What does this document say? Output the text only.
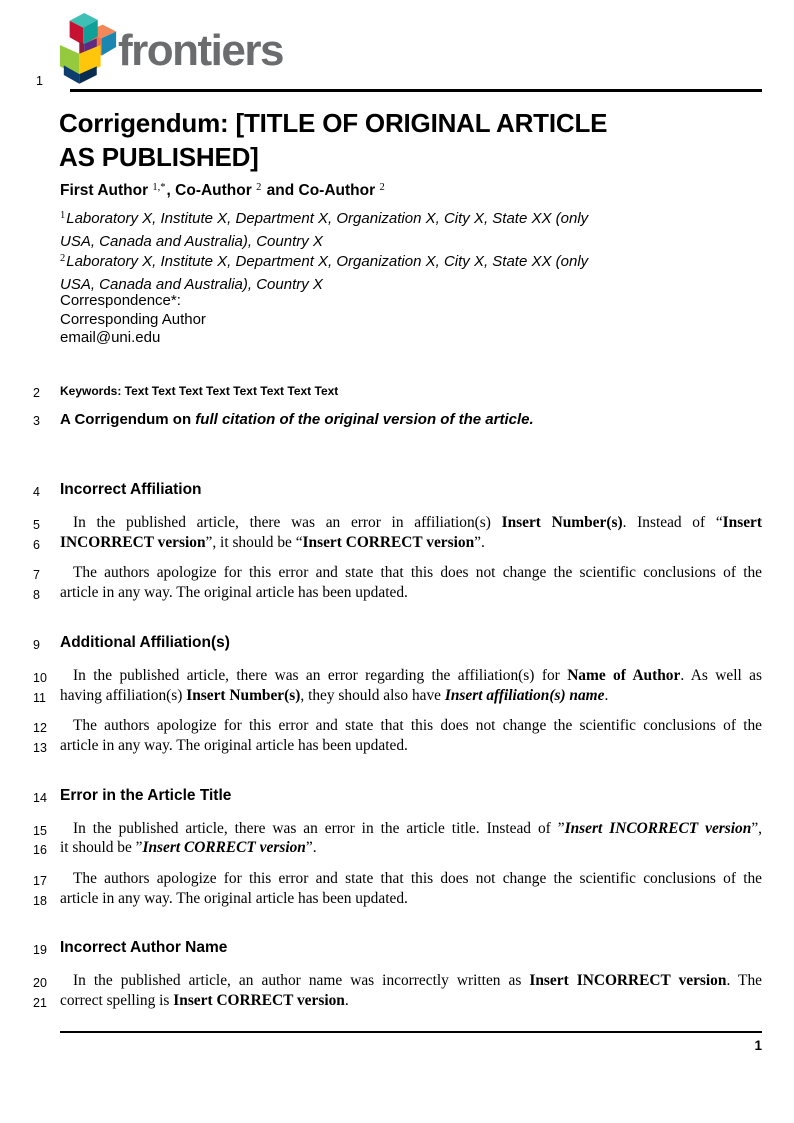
frontiers
1
Corrigendum: [TITLE OF ORIGINAL ARTICLE
AS PUBLISHED]
First Author $^{1,*}$, Co-Author $^2$ and Co-Author $^2$
$^1$Laboratory X, Institute X, Department X, Organization X, City X, State XX (only
USA, Canada and Australia), Country X
$^2$Laboratory X, Institute X, Department X, Organization X, City X, State XX (only
USA, Canada and Australia), Country X
Correspondence*:
Corresponding Author
email@uni.edu
2 Keywords: Text Text Text Text Text Text Text Text
3 A Corrigendum on full citation of the original version of the article.
4 Incorrect Affiliation
5 In the published article, there was an error in affiliation(s) Insert Number(s). Instead of “Insert
6 INCORRECT version”, it should be “Insert CORRECT version”.
7 The authors apologize for this error and state that this does not change the scientific conclusions of the
8 article in any way. The original article has been updated.
9 Additional Affiliation(s)
10 In the published article, there was an error regarding the affiliation(s) for Name of Author. As well as
11 having affiliation(s) Insert Number(s), they should also have Insert affiliation(s) name.
12 The authors apologize for this error and state that this does not change the scientific conclusions of the
13 article in any way. The original article has been updated.
14 Error in the Article Title
15 In the published article, there was an error in the article title. Instead of ”Insert INCORRECT version”,
16 it should be ”Insert CORRECT version”.
17 The authors apologize for this error and state that this does not change the scientific conclusions of the
18 article in any way. The original article has been updated.
19 Incorrect Author Name
20 In the published article, an author name was incorrectly written as Insert INCORRECT version. The
21 correct spelling is Insert CORRECT version.
1
